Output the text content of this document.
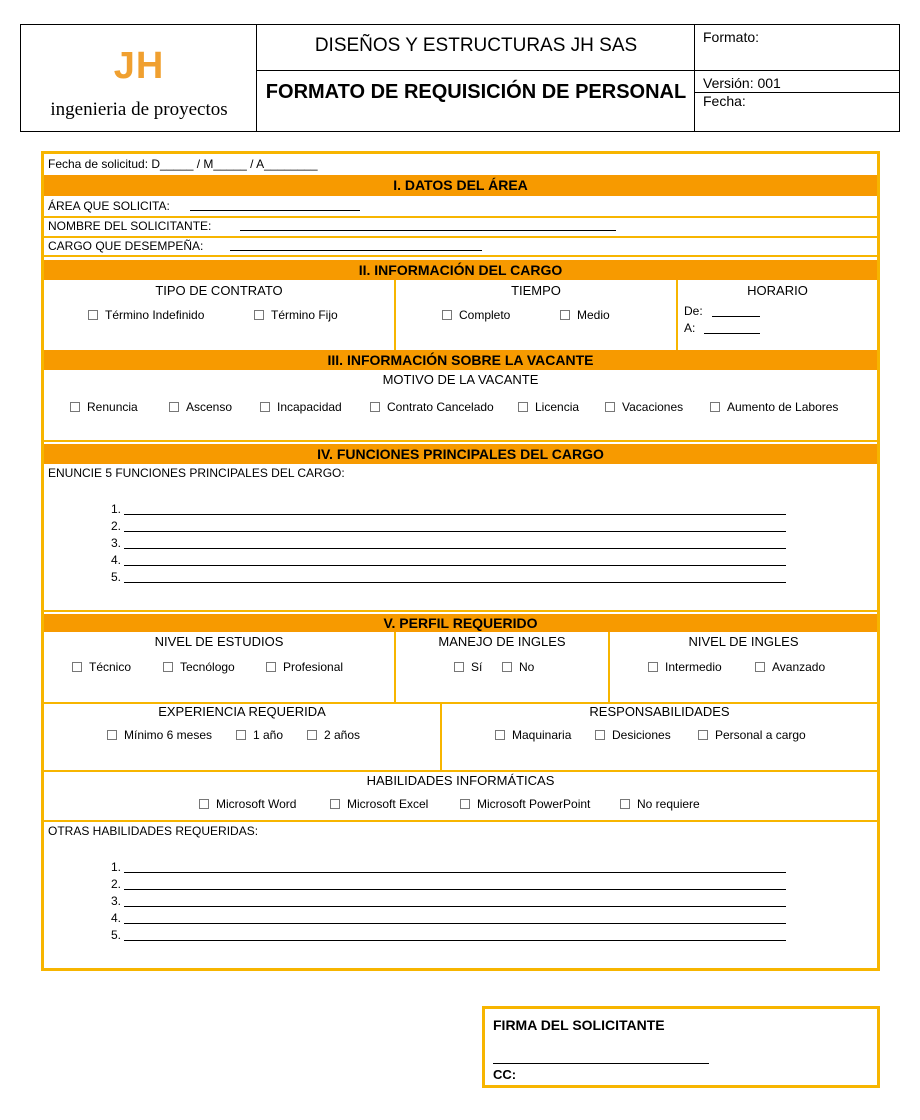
JH
ingenieria de proyectos
DISEÑOS Y ESTRUCTURAS JH SAS
FORMATO DE REQUISICIÓN DE PERSONAL
Formato:
Versión: 001
Fecha:
Fecha de solicitud: D_____ / M_____ / A________
I. DATOS DEL ÁREA
ÁREA QUE SOLICITA:
NOMBRE DEL SOLICITANTE:
CARGO QUE DESEMPEÑA:
II. INFORMACIÓN DEL CARGO
TIPO DE CONTRATO
Término Indefinido	Término Fijo
TIEMPO
Completo	Medio
HORARIO
De:
A:
III. INFORMACIÓN SOBRE LA VACANTE
MOTIVO DE LA VACANTE
Renuncia	Ascenso	Incapacidad	Contrato Cancelado	Licencia	Vacaciones	Aumento de Labores
IV. FUNCIONES PRINCIPALES DEL CARGO
ENUNCIE 5 FUNCIONES PRINCIPALES DEL CARGO:
1.
2.
3.
4.
5.
V. PERFIL REQUERIDO
NIVEL DE ESTUDIOS
Técnico	Tecnólogo	Profesional
MANEJO DE INGLES
Sí	No
NIVEL DE INGLES
Intermedio	Avanzado
EXPERIENCIA REQUERIDA
Mínimo 6 meses	1 año	2 años
RESPONSABILIDADES
Maquinaria	Desiciones	Personal a cargo
HABILIDADES INFORMÁTICAS
Microsoft Word	Microsoft Excel	Microsoft PowerPoint	No requiere
OTRAS HABILIDADES REQUERIDAS:
1.
2.
3.
4.
5.
FIRMA DEL SOLICITANTE
CC:
